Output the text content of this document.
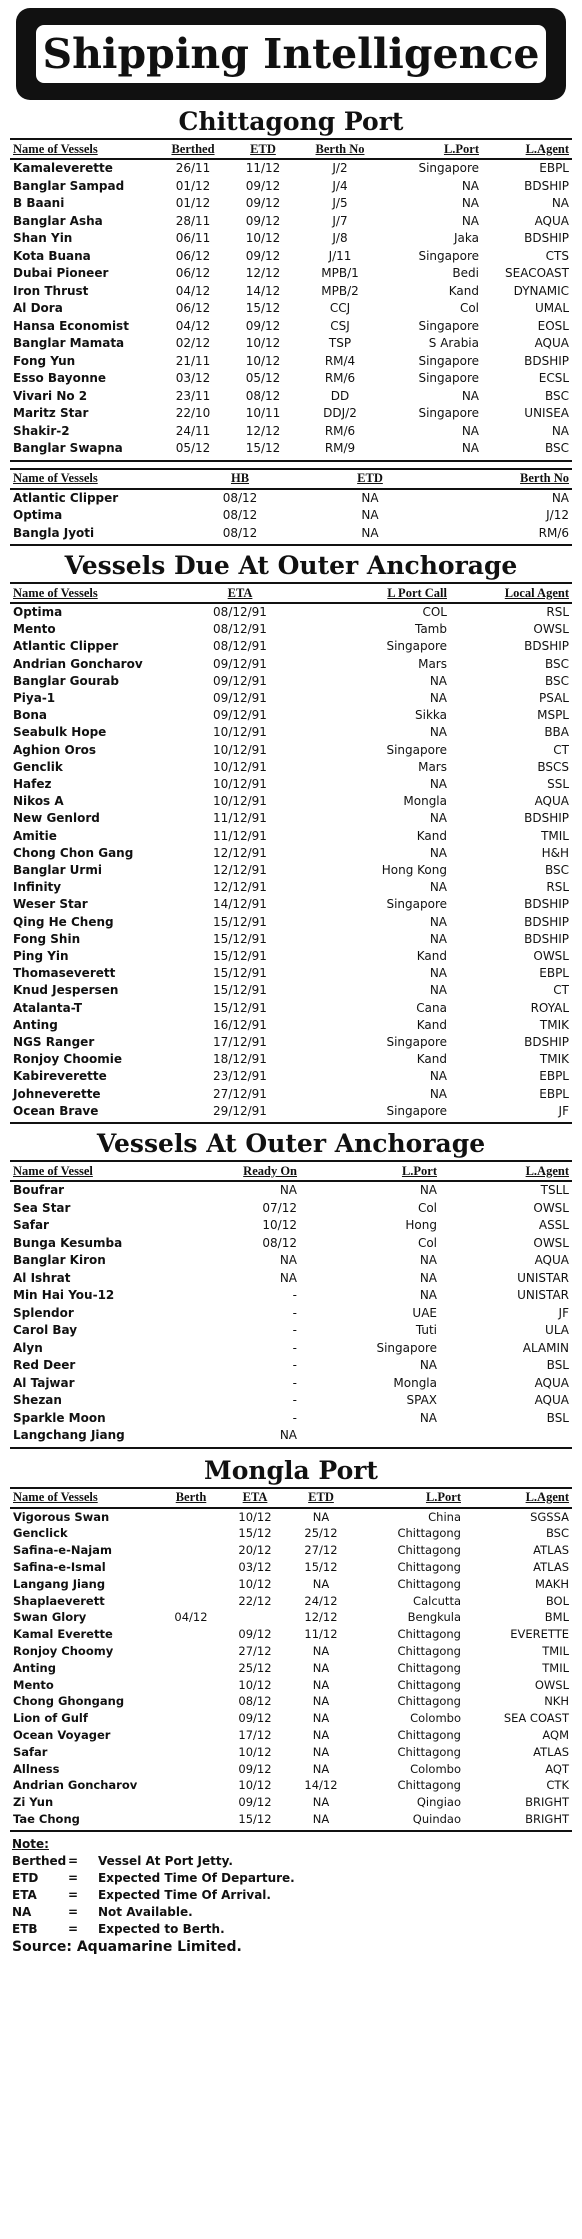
Shipping Intelligence
Chittagong Port
Name of Vessels	Berthed	ETD	Berth No	L.Port	L.Agent
Kamaleverette	26/11	11/12	J/2	Singapore	EBPL
Banglar Sampad	01/12	09/12	J/4	NA	BDSHIP
B Baani	01/12	09/12	J/5	NA	NA
Banglar Asha	28/11	09/12	J/7	NA	AQUA
Shan Yin	06/11	10/12	J/8	Jaka	BDSHIP
Kota Buana	06/12	09/12	J/11	Singapore	CTS
Dubai Pioneer	06/12	12/12	MPB/1	Bedi	SEACOAST
Iron Thrust	04/12	14/12	MPB/2	Kand	DYNAMIC
Al Dora	06/12	15/12	CCJ	Col	UMAL
Hansa Economist	04/12	09/12	CSJ	Singapore	EOSL
Banglar Mamata	02/12	10/12	TSP	S Arabia	AQUA
Fong Yun	21/11	10/12	RM/4	Singapore	BDSHIP
Esso Bayonne	03/12	05/12	RM/6	Singapore	ECSL
Vivari No 2	23/11	08/12	DD	NA	BSC
Maritz Star	22/10	10/11	DDJ/2	Singapore	UNISEA
Shakir-2	24/11	12/12	RM/6	NA	NA
Banglar Swapna	05/12	15/12	RM/9	NA	BSC
Name of Vessels	HB	ETD	Berth No
Atlantic Clipper	08/12	NA	NA
Optima	08/12	NA	J/12
Bangla Jyoti	08/12	NA	RM/6
Vessels Due At Outer Anchorage
Name of Vessels	ETA	L Port Call	Local Agent
Optima	08/12/91	COL	RSL
Mento	08/12/91	Tamb	OWSL
Atlantic Clipper	08/12/91	Singapore	BDSHIP
Andrian Goncharov	09/12/91	Mars	BSC
Banglar Gourab	09/12/91	NA	BSC
Piya-1	09/12/91	NA	PSAL
Bona	09/12/91	Sikka	MSPL
Seabulk Hope	10/12/91	NA	BBA
Aghion Oros	10/12/91	Singapore	CT
Genclik	10/12/91	Mars	BSCS
Hafez	10/12/91	NA	SSL
Nikos A	10/12/91	Mongla	AQUA
New Genlord	11/12/91	NA	BDSHIP
Amitie	11/12/91	Kand	TMIL
Chong Chon Gang	12/12/91	NA	H&H
Banglar Urmi	12/12/91	Hong Kong	BSC
Infinity	12/12/91	NA	RSL
Weser Star	14/12/91	Singapore	BDSHIP
Qing He Cheng	15/12/91	NA	BDSHIP
Fong Shin	15/12/91	NA	BDSHIP
Ping Yin	15/12/91	Kand	OWSL
Thomaseverett	15/12/91	NA	EBPL
Knud Jespersen	15/12/91	NA	CT
Atalanta-T	15/12/91	Cana	ROYAL
Anting	16/12/91	Kand	TMIK
NGS Ranger	17/12/91	Singapore	BDSHIP
Ronjoy Choomie	18/12/91	Kand	TMIK
Kabireverette	23/12/91	NA	EBPL
Johneverette	27/12/91	NA	EBPL
Ocean Brave	29/12/91	Singapore	JF
Vessels At Outer Anchorage
Name of Vessel	Ready On	L.Port	L.Agent
Boufrar	NA	NA	TSLL
Sea Star	07/12	Col	OWSL
Safar	10/12	Hong	ASSL
Bunga Kesumba	08/12	Col	OWSL
Banglar Kiron	NA	NA	AQUA
Al Ishrat	NA	NA	UNISTAR
Min Hai You-12	-	NA	UNISTAR
Splendor	-	UAE	JF
Carol Bay	-	Tuti	ULA
Alyn	-	Singapore	ALAMIN
Red Deer	-	NA	BSL
Al Tajwar	-	Mongla	AQUA
Shezan	-	SPAX	AQUA
Sparkle Moon	-	NA	BSL
Langchang Jiang	NA		
Mongla Port
Name of Vessels	Berth	ETA	ETD	L.Port	L.Agent
Vigorous Swan		10/12	NA	China	SGSSA
Genclick		15/12	25/12	Chittagong	BSC
Safina-e-Najam		20/12	27/12	Chittagong	ATLAS
Safina-e-Ismal		03/12	15/12	Chittagong	ATLAS
Langang Jiang		10/12	NA	Chittagong	MAKH
Shaplaeverett		22/12	24/12	Calcutta	BOL
Swan Glory	04/12		12/12	Bengkula	BML
Kamal Everette		09/12	11/12	Chittagong	EVERETTE
Ronjoy Choomy		27/12	NA	Chittagong	TMIL
Anting		25/12	NA	Chittagong	TMIL
Mento		10/12	NA	Chittagong	OWSL
Chong Ghongang		08/12	NA	Chittagong	NKH
Lion of Gulf		09/12	NA	Colombo	SEA COAST
Ocean Voyager		17/12	NA	Chittagong	AQM
Safar		10/12	NA	Chittagong	ATLAS
Allness		09/12	NA	Colombo	AQT
Andrian Goncharov		10/12	14/12	Chittagong	CTK
Zi Yun		09/12	NA	Qingiao	BRIGHT
Tae Chong		15/12	NA	Quindao	BRIGHT
Note:
Berthed =	Vessel At Port Jetty.
ETD	=	Expected Time Of Departure.
ETA	=	Expected Time Of Arrival.
NA	=	Not Available.
ETB	=	Expected to Berth.
Source: Aquamarine Limited.
